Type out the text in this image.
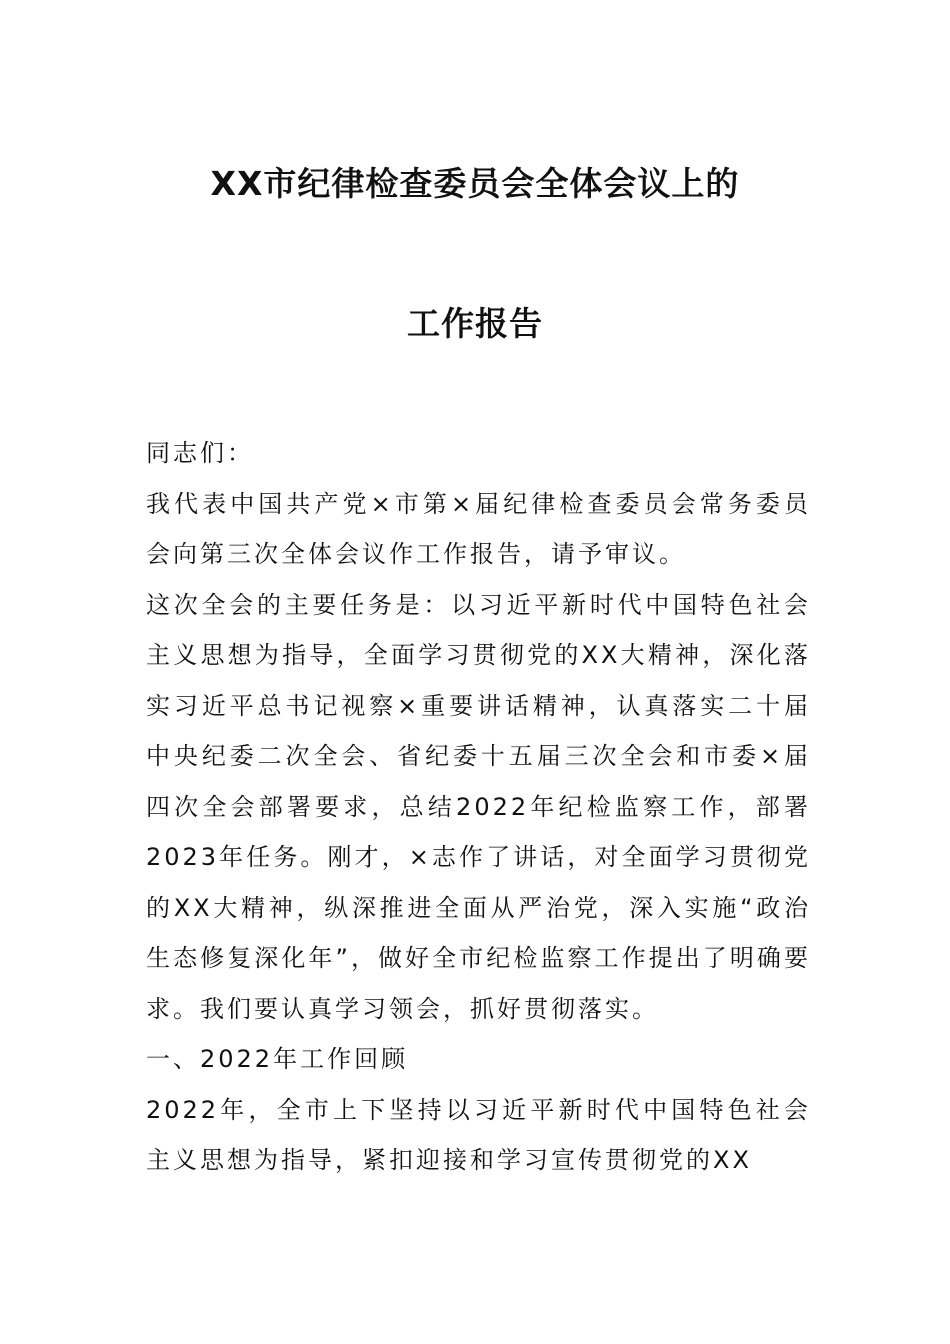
XX市纪律检查委员会全体会议上的
工作报告

同志们：

我代表中国共产党×市第×届纪律检查委员会常务委员会向第三次全体会议作工作报告，请予审议。

这次全会的主要任务是：以习近平新时代中国特色社会主义思想为指导，全面学习贯彻党的XX大精神，深化落实习近平总书记视察×重要讲话精神，认真落实二十届中央纪委二次全会、省纪委十五届三次全会和市委×届四次全会部署要求，总结2022年纪检监察工作，部署2023年任务。刚才，×志作了讲话，对全面学习贯彻党的XX大精神，纵深推进全面从严治党，深入实施“政治生态修复深化年”，做好全市纪检监察工作提出了明确要求。我们要认真学习领会，抓好贯彻落实。

一、2022年工作回顾

2022年，全市上下坚持以习近平新时代中国特色社会主义思想为指导，紧扣迎接和学习宣传贯彻党的XX
